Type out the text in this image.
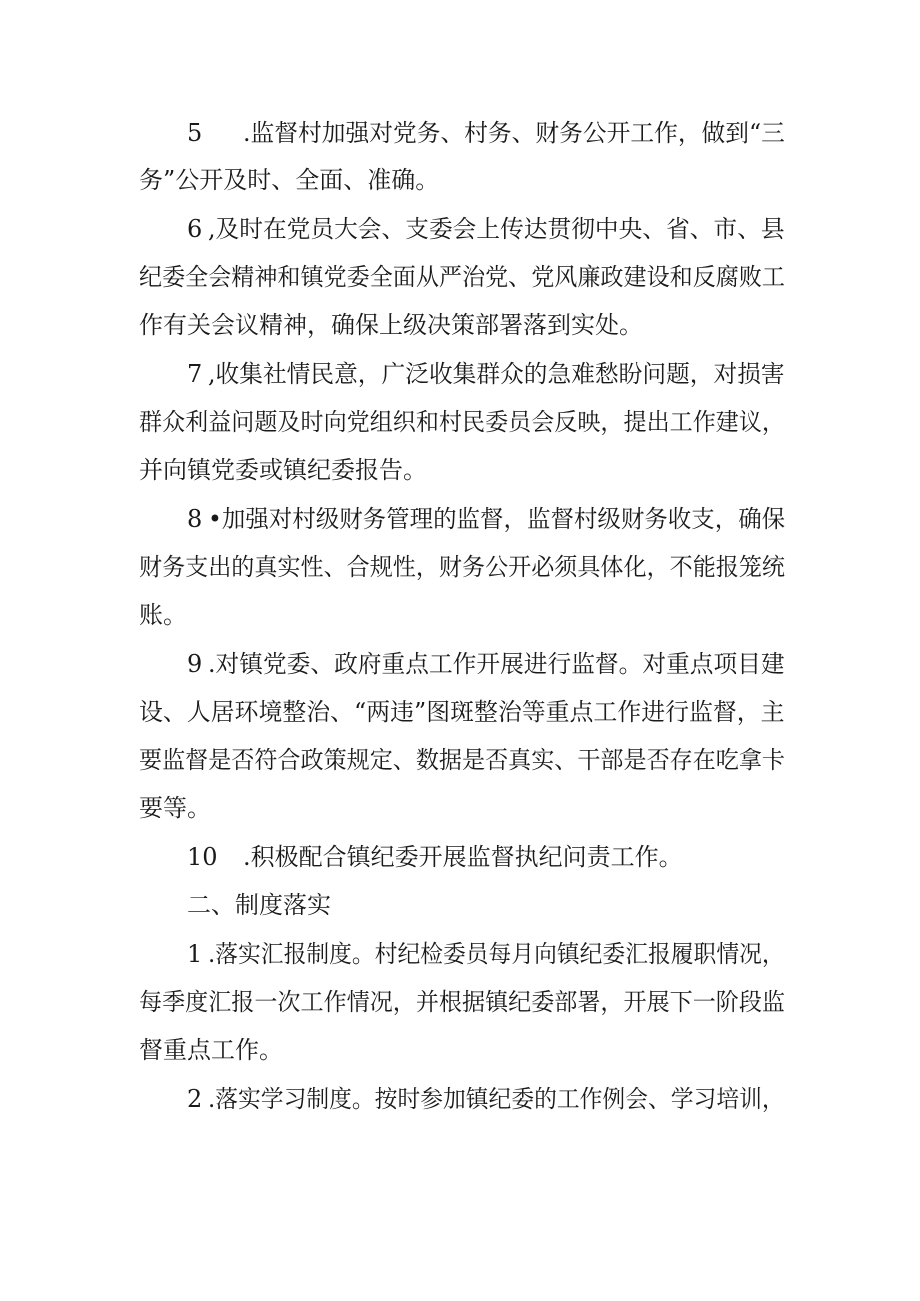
5 .监督村加强对党务、村务、财务公开工作，做到“三
务”公开及时、全面、准确。
6 ,及时在党员大会、支委会上传达贯彻中央、省、市、县
纪委全会精神和镇党委全面从严治党、党风廉政建设和反腐败工
作有关会议精神，确保上级决策部署落到实处。
7 ,收集社情民意，广泛收集群众的急难愁盼问题，对损害
群众利益问题及时向党组织和村民委员会反映，提出工作建议，
并向镇党委或镇纪委报告。
8 •加强对村级财务管理的监督，监督村级财务收支，确保
财务支出的真实性、合规性，财务公开必须具体化，不能报笼统
账。
9 .对镇党委、政府重点工作开展进行监督。对重点项目建
设、人居环境整治、“两违”图斑整治等重点工作进行监督，主
要监督是否符合政策规定、数据是否真实、干部是否存在吃拿卡
要等。
10 .积极配合镇纪委开展监督执纪问责工作。
二、制度落实
1 .落实汇报制度。村纪检委员每月向镇纪委汇报履职情况，
每季度汇报一次工作情况，并根据镇纪委部署，开展下一阶段监
督重点工作。
2 .落实学习制度。按时参加镇纪委的工作例会、学习培训，
